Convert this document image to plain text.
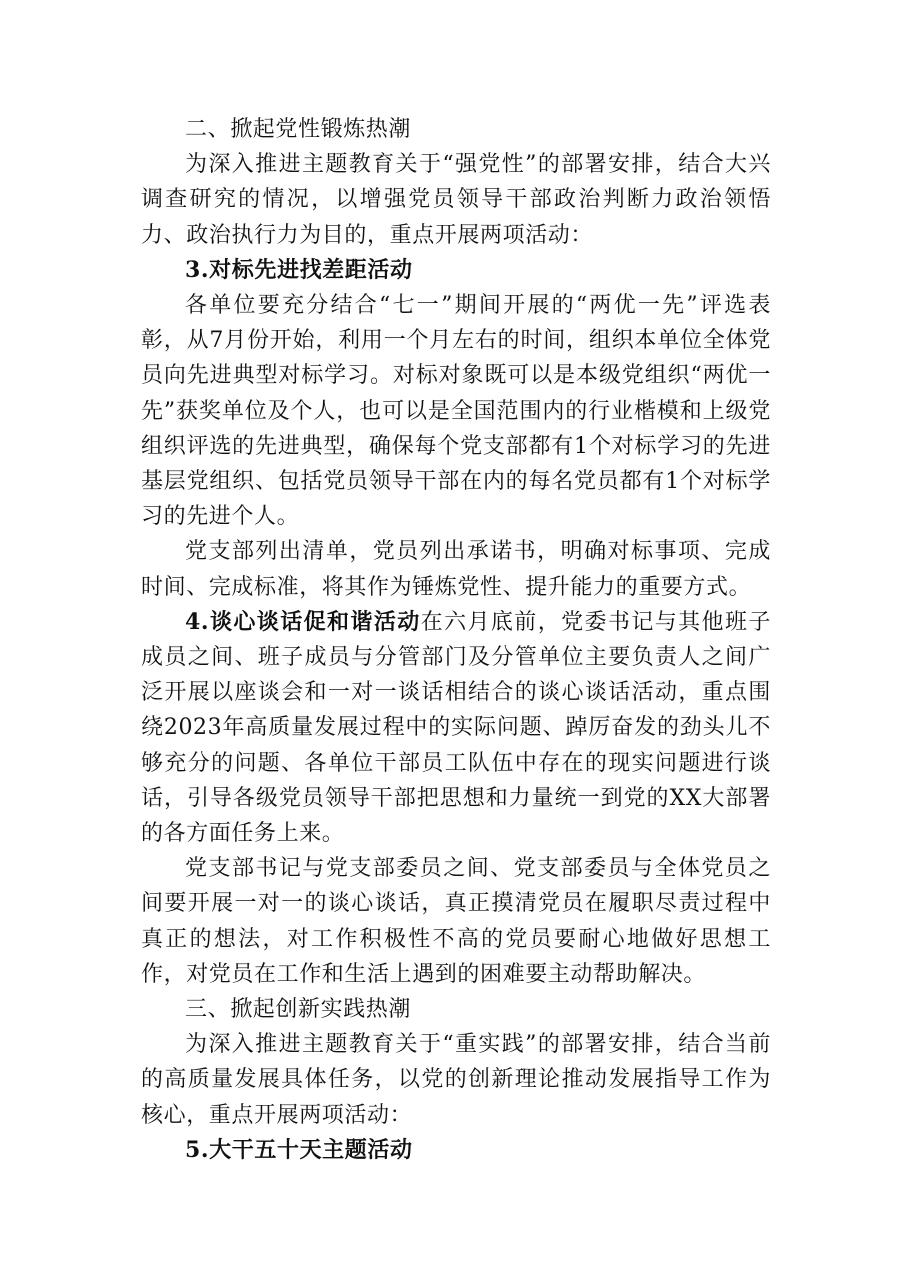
二、掀起党性锻炼热潮

为深入推进主题教育关于“强党性”的部署安排，结合大兴调查研究的情况，以增强党员领导干部政治判断力政治领悟力、政治执行力为目的，重点开展两项活动：

3.对标先进找差距活动

各单位要充分结合“七一”期间开展的“两优一先”评选表彰，从7月份开始，利用一个月左右的时间，组织本单位全体党员向先进典型对标学习。对标对象既可以是本级党组织“两优一先”获奖单位及个人，也可以是全国范围内的行业楷模和上级党组织评选的先进典型，确保每个党支部都有1个对标学习的先进基层党组织、包括党员领导干部在内的每名党员都有1个对标学习的先进个人。

党支部列出清单，党员列出承诺书，明确对标事项、完成时间、完成标准，将其作为锤炼党性、提升能力的重要方式。

4.谈心谈话促和谐活动在六月底前，党委书记与其他班子成员之间、班子成员与分管部门及分管单位主要负责人之间广泛开展以座谈会和一对一谈话相结合的谈心谈话活动，重点围绕2023年高质量发展过程中的实际问题、踔厉奋发的劲头儿不够充分的问题、各单位干部员工队伍中存在的现实问题进行谈话，引导各级党员领导干部把思想和力量统一到党的XX大部署的各方面任务上来。

党支部书记与党支部委员之间、党支部委员与全体党员之间要开展一对一的谈心谈话，真正摸清党员在履职尽责过程中真正的想法，对工作积极性不高的党员要耐心地做好思想工作，对党员在工作和生活上遇到的困难要主动帮助解决。

三、掀起创新实践热潮

为深入推进主题教育关于“重实践”的部署安排，结合当前的高质量发展具体任务，以党的创新理论推动发展指导工作为核心，重点开展两项活动：

5.大干五十天主题活动
